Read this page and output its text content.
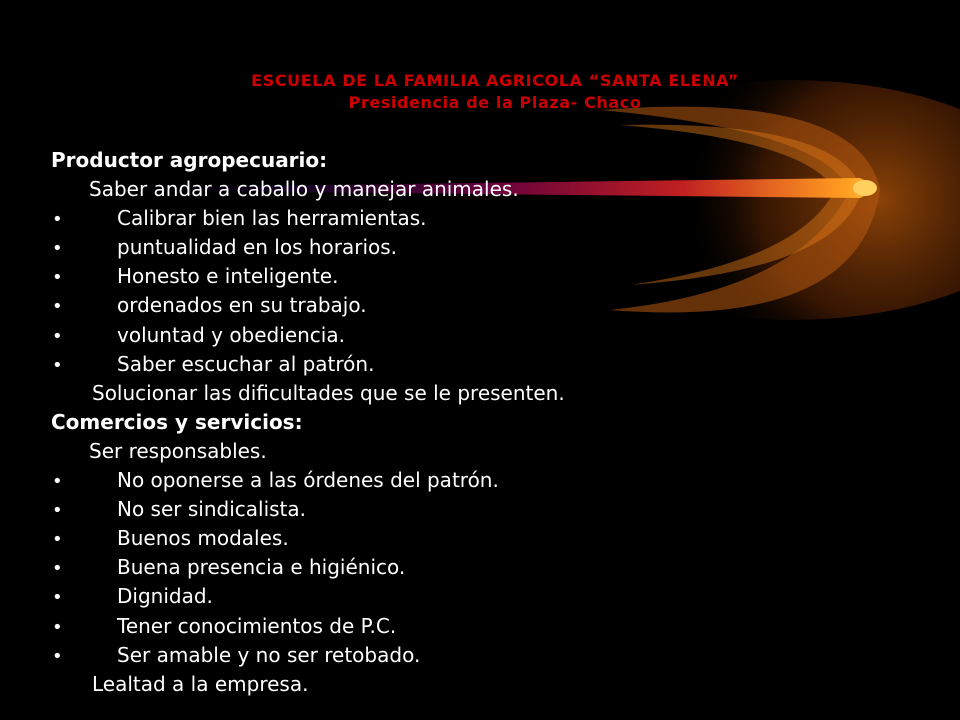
ESCUELA DE LA FAMILIA AGRICOLA “SANTA ELENA”
Presidencia de la Plaza- Chaco
Productor agropecuario:
Saber andar a caballo y manejar animales.
•	Calibrar bien las herramientas.
•	puntualidad en los horarios.
•	Honesto e inteligente.
•	ordenados en su trabajo.
•	voluntad y obediencia.
•	Saber escuchar al patrón.
Solucionar las dificultades que se le presenten.
Comercios y servicios:
Ser responsables.
•	No oponerse a las órdenes del patrón.
•	No ser sindicalista.
•	Buenos modales.
•	Buena presencia e higiénico.
•	Dignidad.
•	Tener conocimientos de P.C.
•	Ser amable y no ser retobado.
Lealtad a la empresa.
